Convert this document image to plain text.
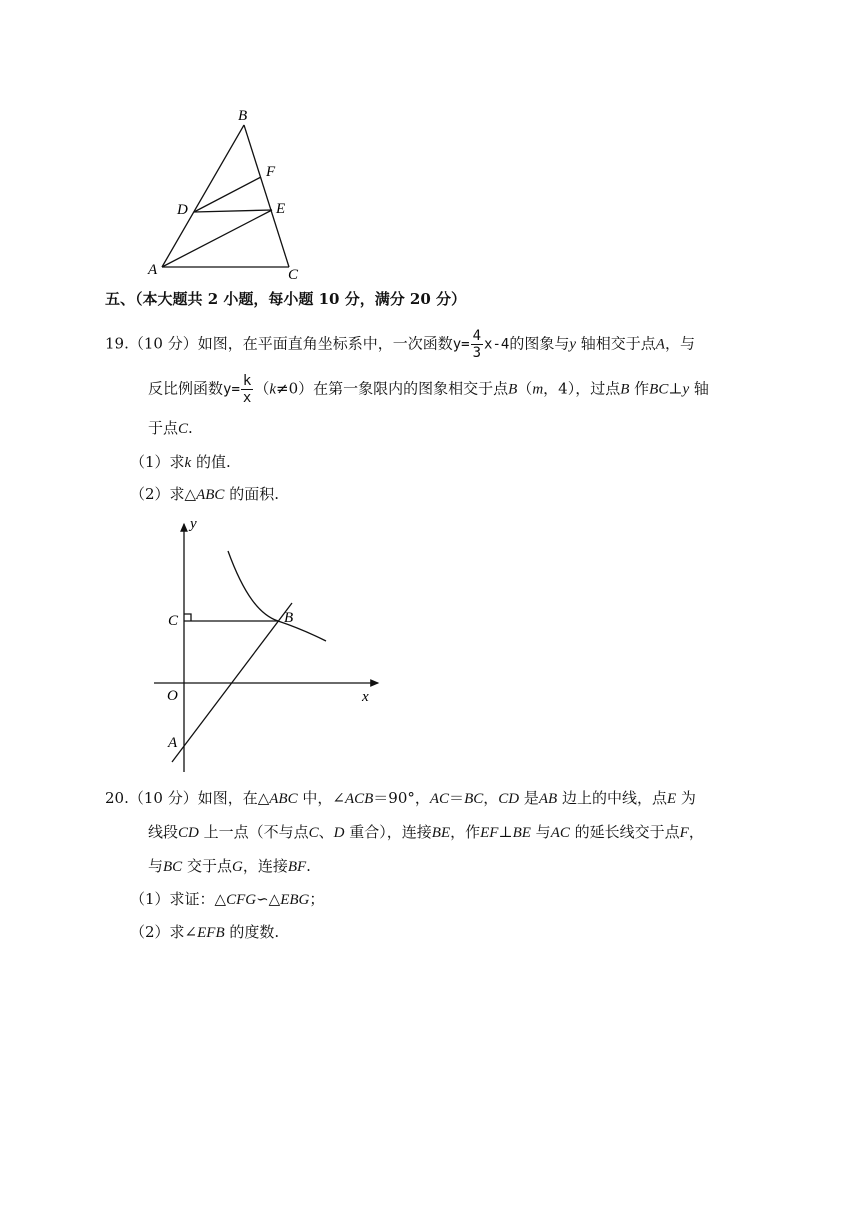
B
F
D	E
A	C
五、（本大题共 2 小题，每小题 10 分，满分 20 分）
19.（10 分）如图，在平面直角坐标系中，一次函数$y= \frac{4}{3} x-4$的图象与y 轴相交于点A，与
反比例函数$y= \frac{k}{x} (k\ne 0)$在第一象限内的图象相交于点B（m，4），过点B 作BC⊥y 轴
于点C.
（1）求k 的值.
（2）求△ABC 的面积.
y
x
O
C	B
A
20.（10 分）如图，在△ABC 中，∠ACB＝90°，AC＝BC，CD 是AB 边上的中线，点E 为
线段CD 上一点（不与点C、D 重合），连接BE，作EF⊥BE 与AC 的延长线交于点F，
与BC 交于点G，连接BF.
（1）求证：△CFG∽△EBG；
（2）求∠EFB 的度数.
